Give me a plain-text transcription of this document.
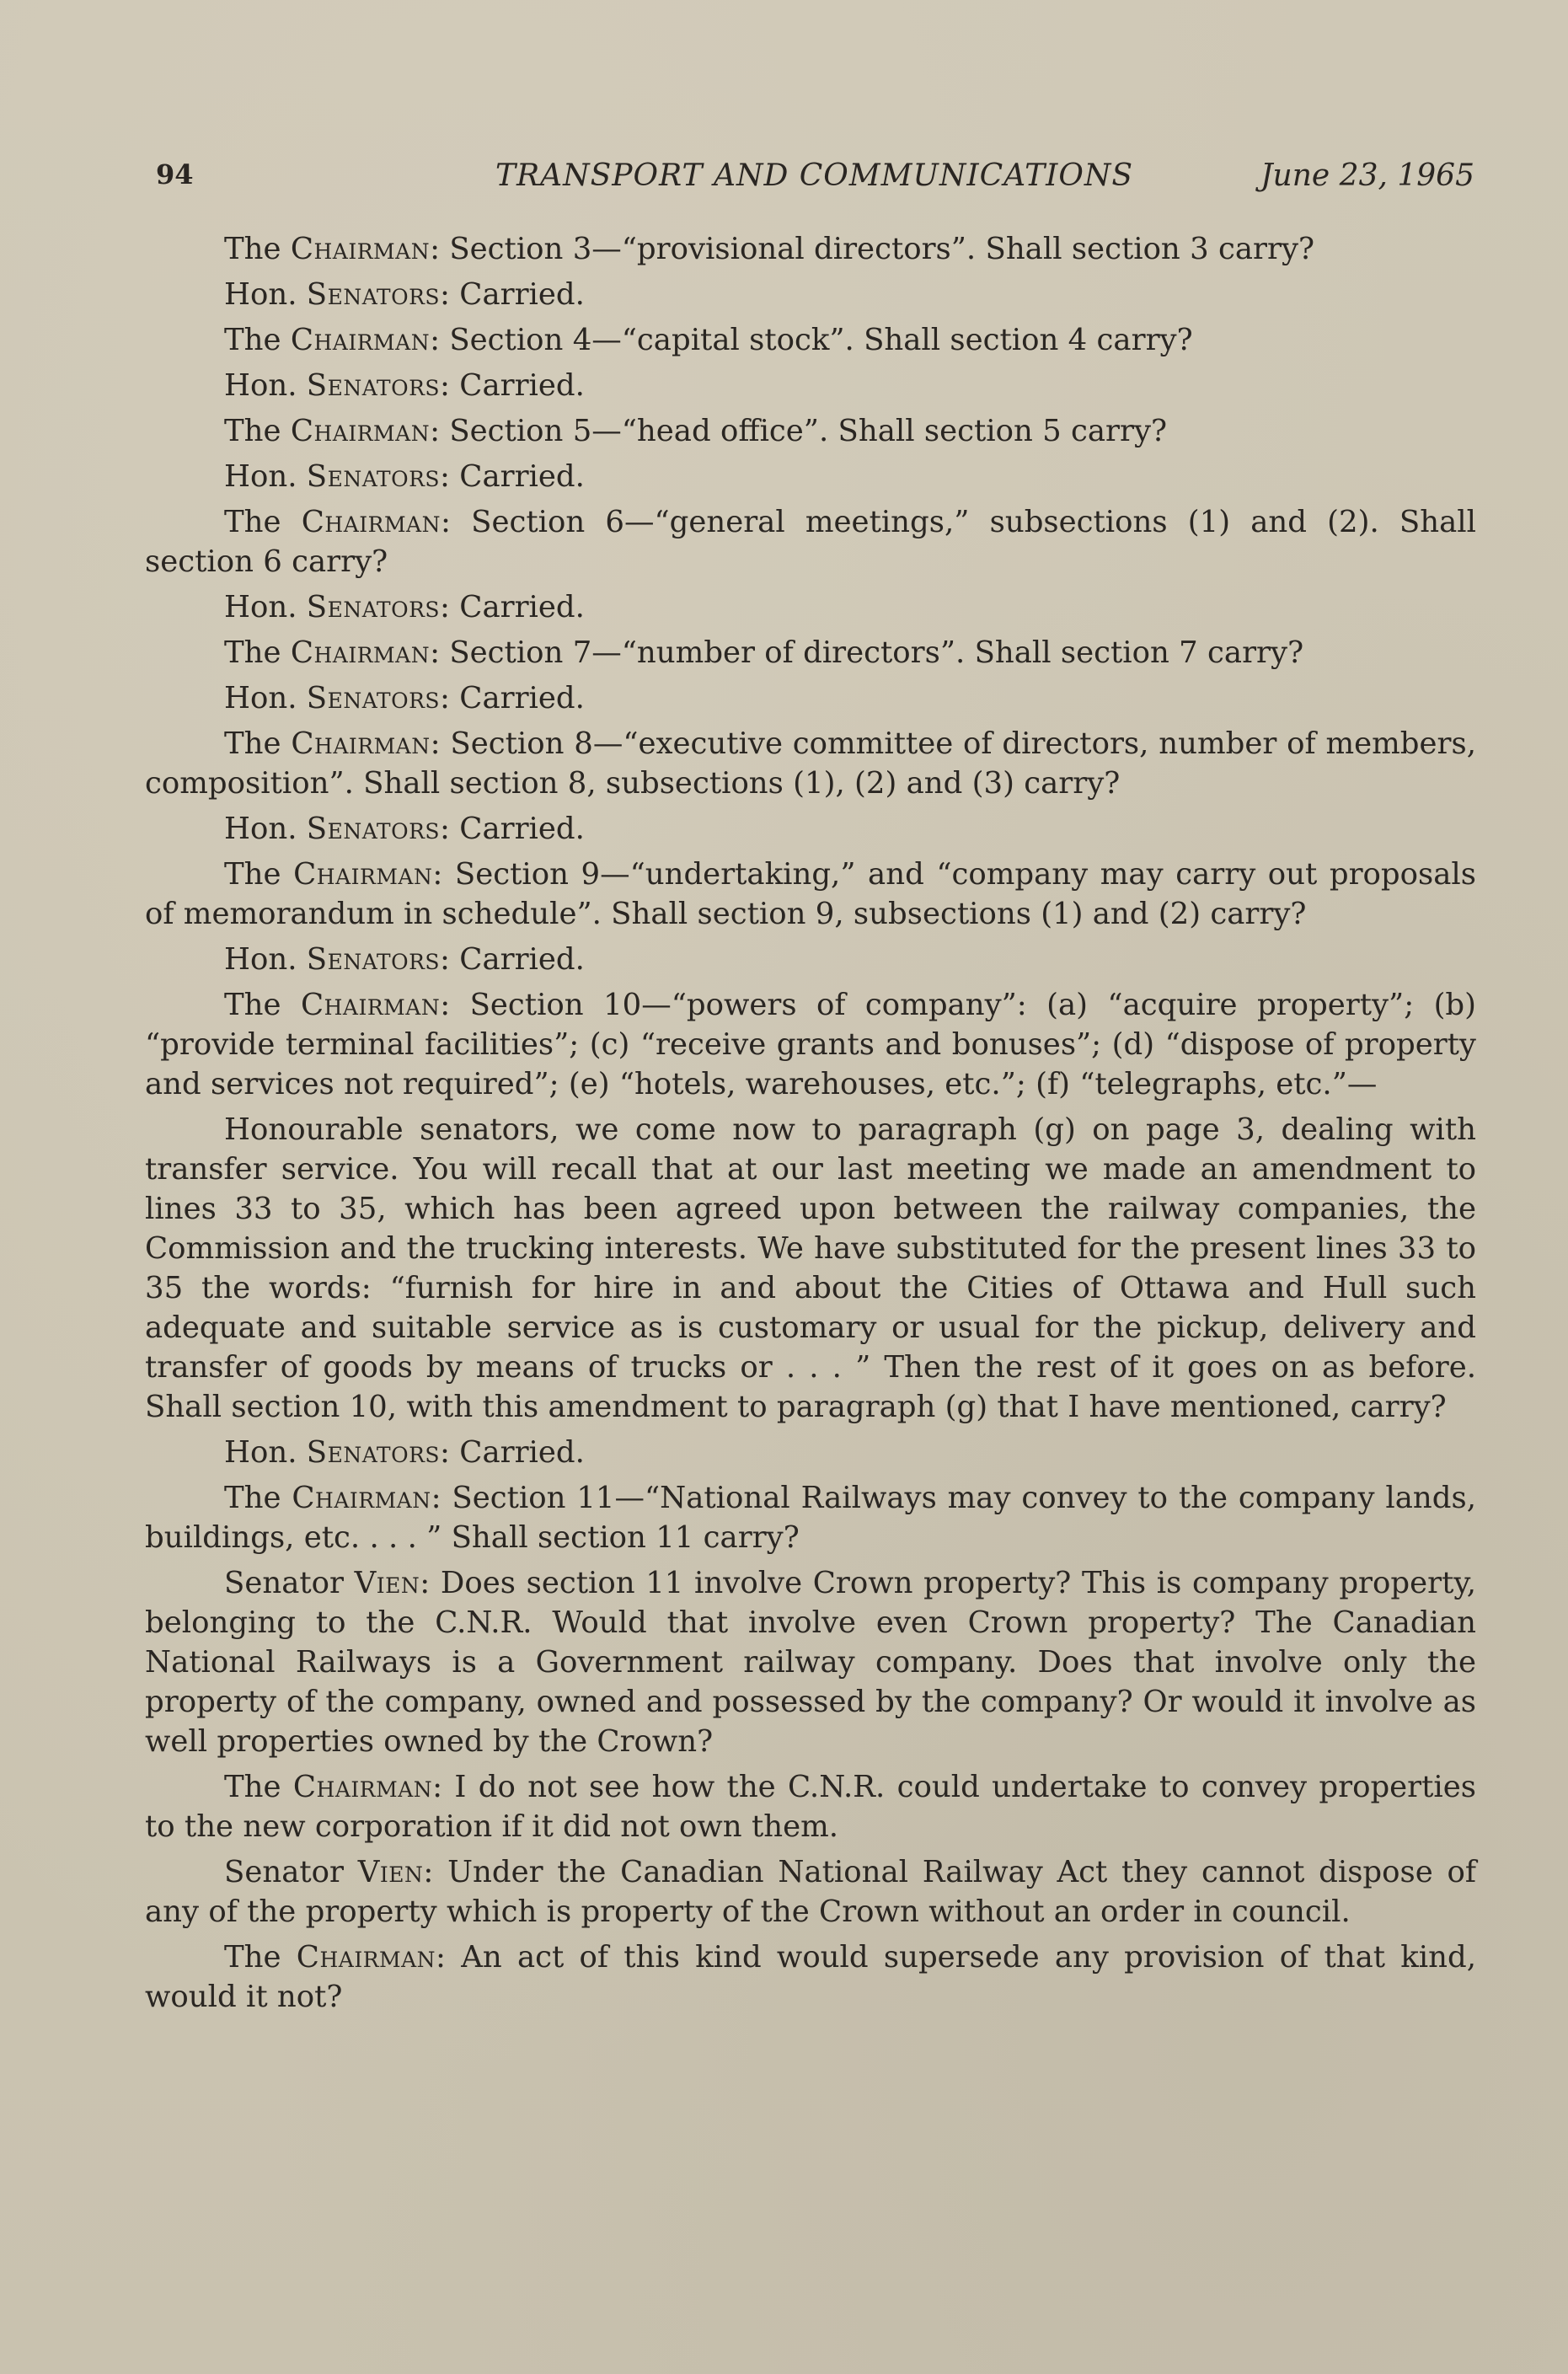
94	TRANSPORT AND COMMUNICATIONS	June 23, 1965

The Chairman: Section 3—“provisional directors”. Shall section 3 carry?

Hon. Senators: Carried.

The Chairman: Section 4—“capital stock”. Shall section 4 carry?

Hon. Senators: Carried.

The Chairman: Section 5—“head office”. Shall section 5 carry?

Hon. Senators: Carried.

The Chairman: Section 6—“general meetings,” subsections (1) and (2). Shall section 6 carry?

Hon. Senators: Carried.

The Chairman: Section 7—“number of directors”. Shall section 7 carry?

Hon. Senators: Carried.

The Chairman: Section 8—“executive committee of directors, number of members, composition”. Shall section 8, subsections (1), (2) and (3) carry?

Hon. Senators: Carried.

The Chairman: Section 9—“undertaking,” and “company may carry out proposals of memorandum in schedule”. Shall section 9, subsections (1) and (2) carry?

Hon. Senators: Carried.

The Chairman: Section 10—“powers of company”: (a) “acquire property”; (b) “provide terminal facilities”; (c) “receive grants and bonuses”; (d) “dispose of property and services not required”; (e) “hotels, warehouses, etc.”; (f) “telegraphs, etc.”—

Honourable senators, we come now to paragraph (g) on page 3, dealing with transfer service. You will recall that at our last meeting we made an amendment to lines 33 to 35, which has been agreed upon between the railway companies, the Commission and the trucking interests. We have substituted for the present lines 33 to 35 the words: “furnish for hire in and about the Cities of Ottawa and Hull such adequate and suitable service as is customary or usual for the pickup, delivery and transfer of goods by means of trucks or . . . ” Then the rest of it goes on as before. Shall section 10, with this amendment to paragraph (g) that I have mentioned, carry?

Hon. Senators: Carried.

The Chairman: Section 11—“National Railways may convey to the company lands, buildings, etc. . . . ” Shall section 11 carry?

Senator Vien: Does section 11 involve Crown property? This is company property, belonging to the C.N.R. Would that involve even Crown property? The Canadian National Railways is a Government railway company. Does that involve only the property of the company, owned and possessed by the company? Or would it involve as well properties owned by the Crown?

The Chairman: I do not see how the C.N.R. could undertake to convey properties to the new corporation if it did not own them.

Senator Vien: Under the Canadian National Railway Act they cannot dispose of any of the property which is property of the Crown without an order in council.

The Chairman: An act of this kind would supersede any provision of that kind, would it not?
